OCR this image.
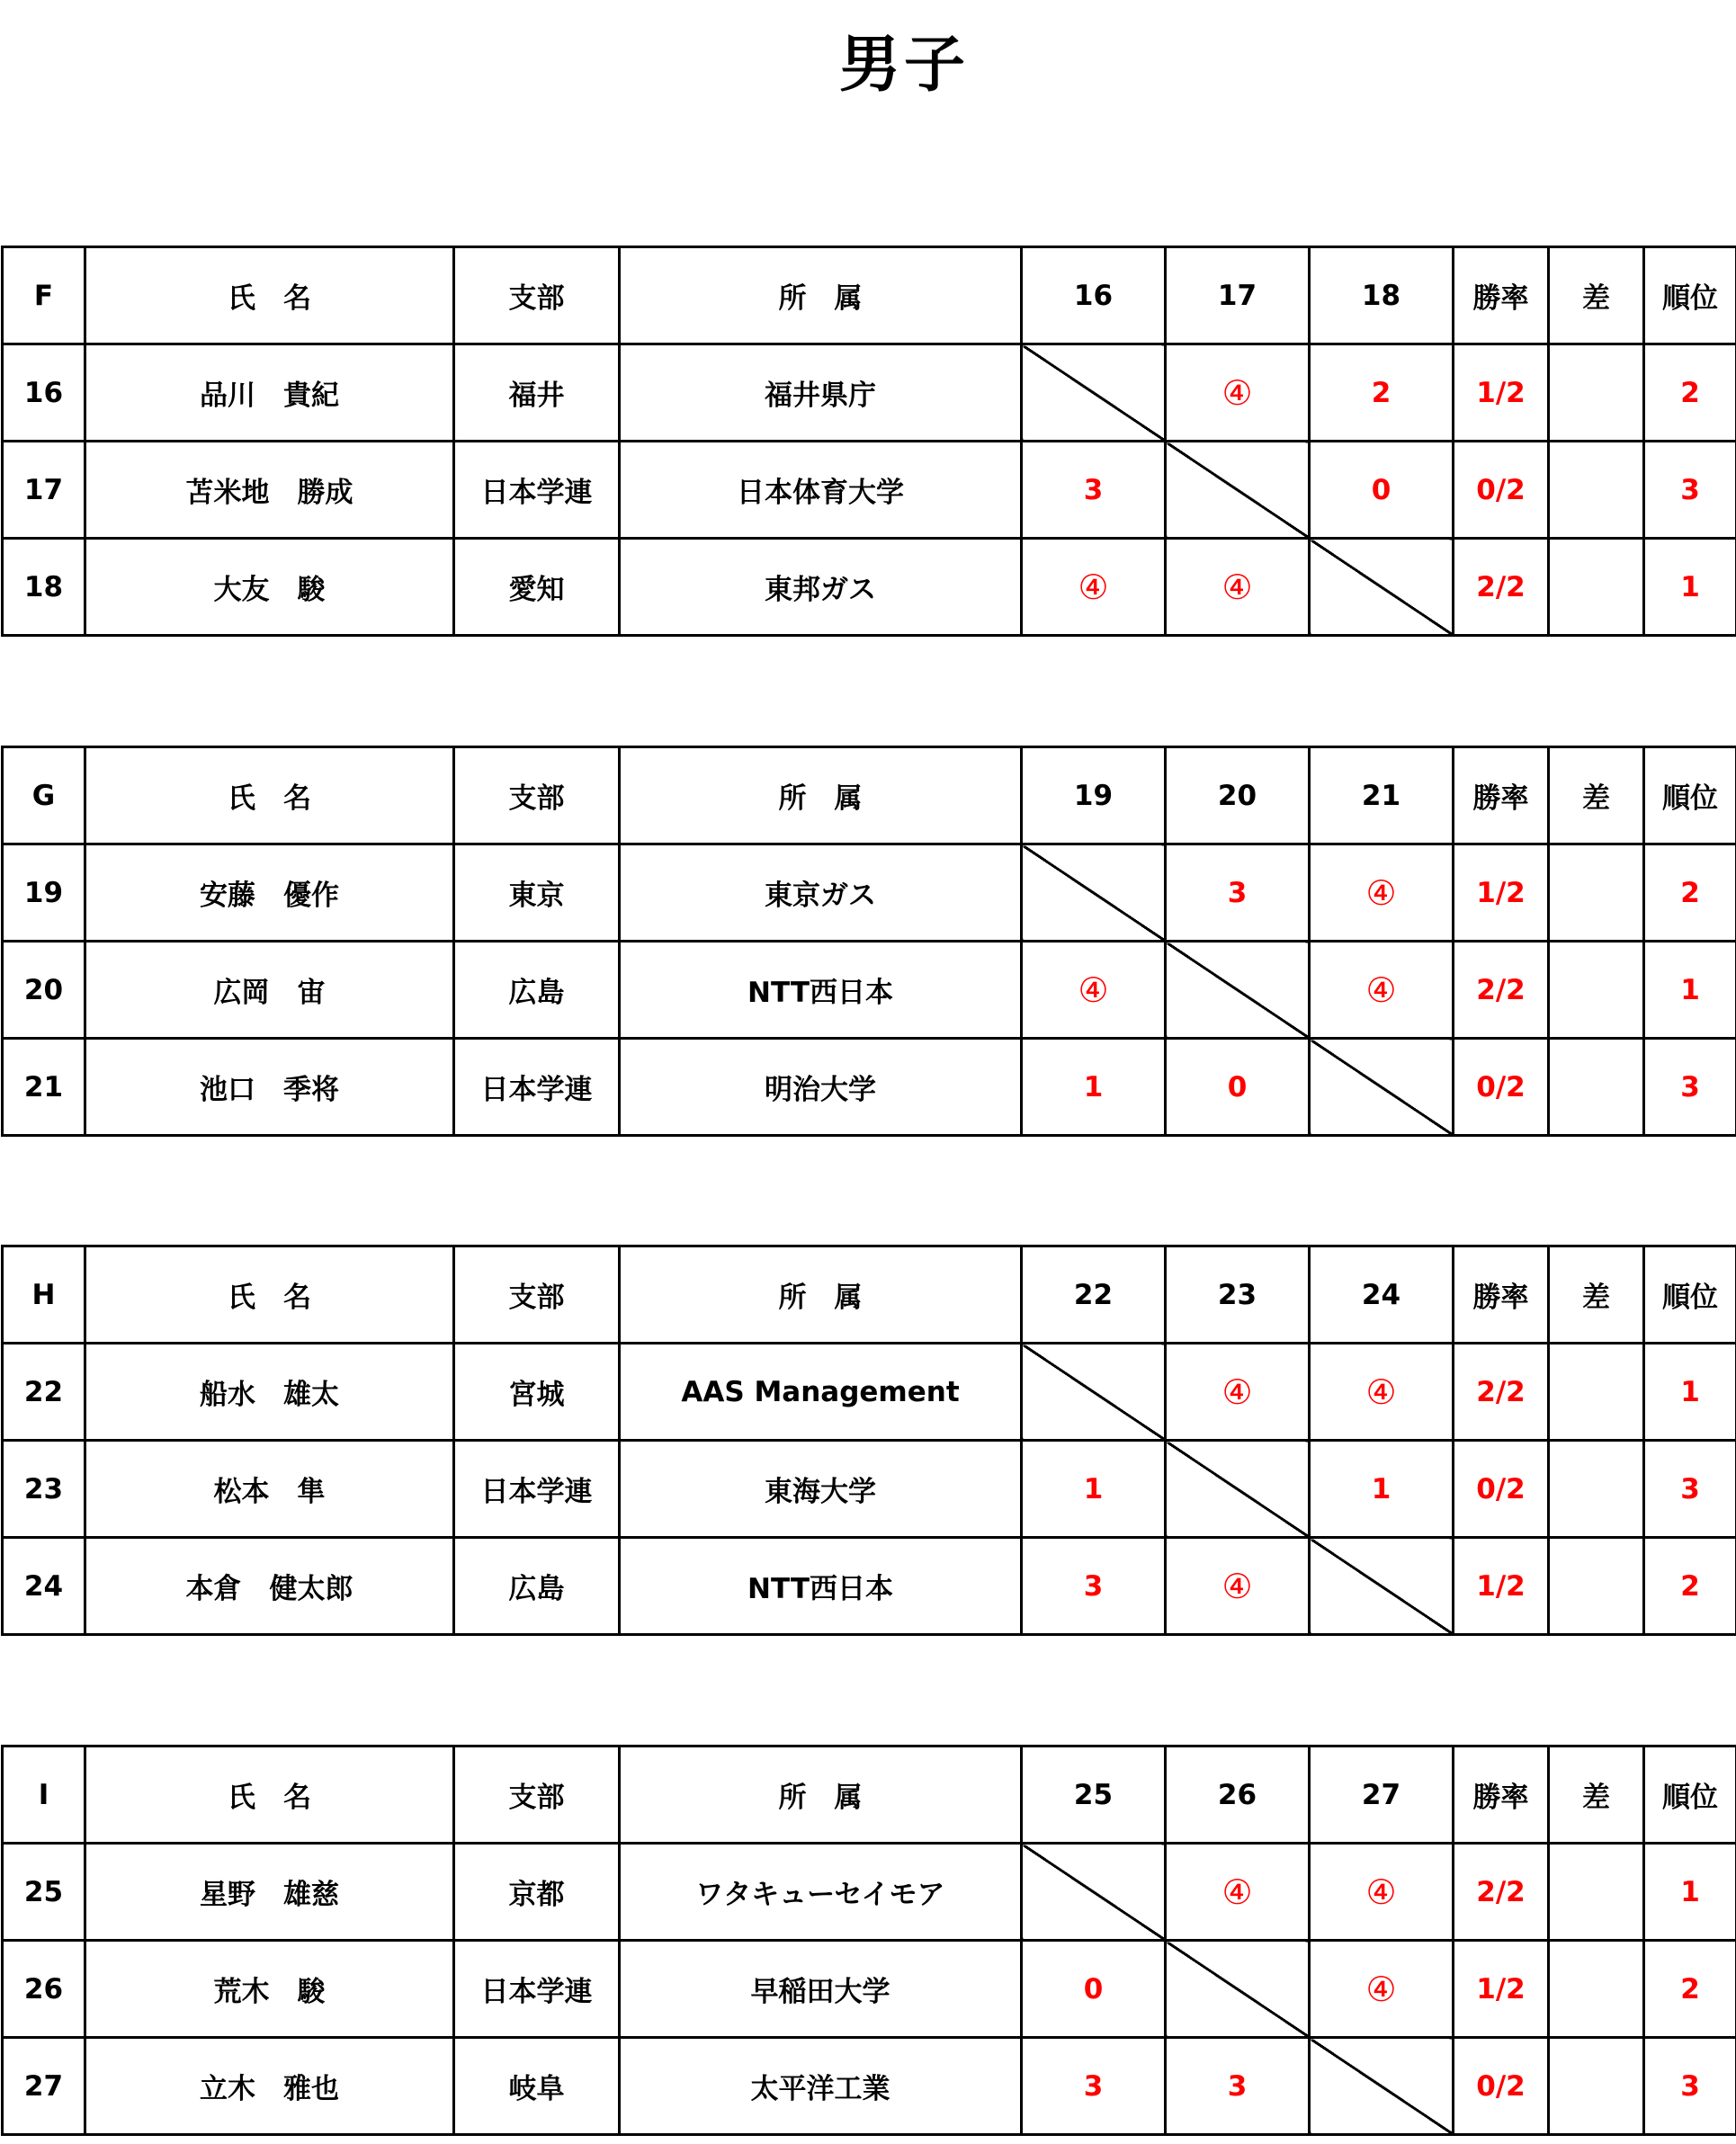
男子
F	氏　名	支部	所　属	16	17	18	勝率	差	順位
16	品川　貴紀	福井	福井県庁		④	2	1/2		2
17	苫米地　勝成	日本学連	日本体育大学	3		0	0/2		3
18	大友　駿	愛知	東邦ガス	④	④		2/2		1
G	氏　名	支部	所　属	19	20	21	勝率	差	順位
19	安藤　優作	東京	東京ガス		3	④	1/2		2
20	広岡　宙	広島	NTT西日本	④		④	2/2		1
21	池口　季将	日本学連	明治大学	1	0		0/2		3
H	氏　名	支部	所　属	22	23	24	勝率	差	順位
22	船水　雄太	宮城	AAS Management		④	④	2/2		1
23	松本　隼	日本学連	東海大学	1		1	0/2		3
24	本倉　健太郎	広島	NTT西日本	3	④		1/2		2
I	氏　名	支部	所　属	25	26	27	勝率	差	順位
25	星野　雄慈	京都	ワタキューセイモア		④	④	2/2		1
26	荒木　駿	日本学連	早稲田大学	0		④	1/2		2
27	立木　雅也	岐阜	太平洋工業	3	3		0/2		3
